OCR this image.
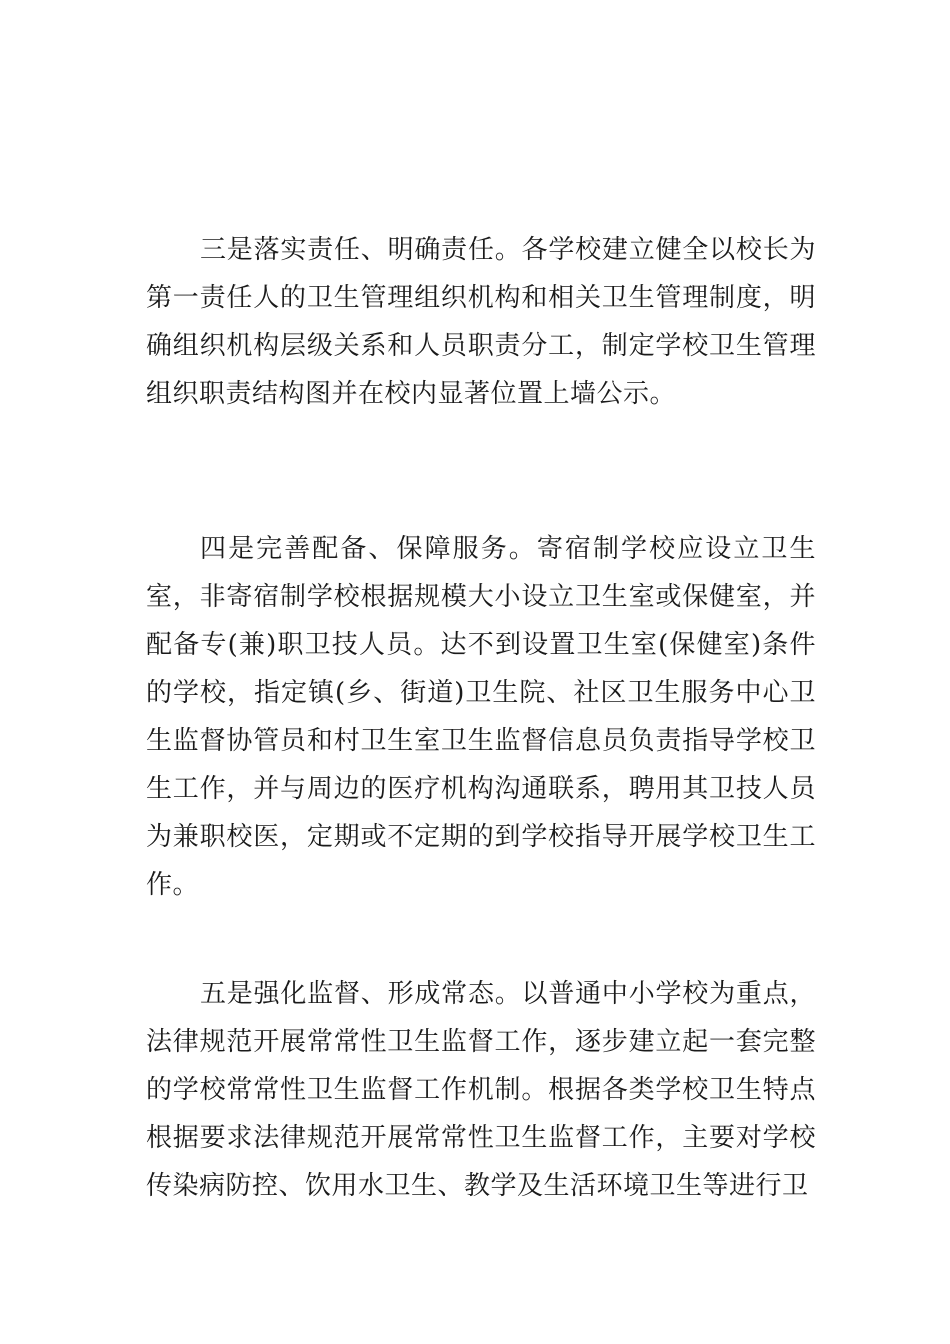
三是落实责任、明确责任。各学校建立健全以校长为第一责任人的卫生管理组织机构和相关卫生管理制度，明确组织机构层级关系和人员职责分工，制定学校卫生管理组织职责结构图并在校内显著位置上墙公示。

四是完善配备、保障服务。寄宿制学校应设立卫生室，非寄宿制学校根据规模大小设立卫生室或保健室，并配备专(兼)职卫技人员。达不到设置卫生室(保健室)条件的学校，指定镇(乡、街道)卫生院、社区卫生服务中心卫生监督协管员和村卫生室卫生监督信息员负责指导学校卫生工作，并与周边的医疗机构沟通联系，聘用其卫技人员为兼职校医，定期或不定期的到学校指导开展学校卫生工作。

五是强化监督、形成常态。以普通中小学校为重点，法律规范开展常常性卫生监督工作，逐步建立起一套完整的学校常常性卫生监督工作机制。根据各类学校卫生特点根据要求法律规范开展常常性卫生监督工作，主要对学校传染病防控、饮用水卫生、教学及生活环境卫生等进行卫
